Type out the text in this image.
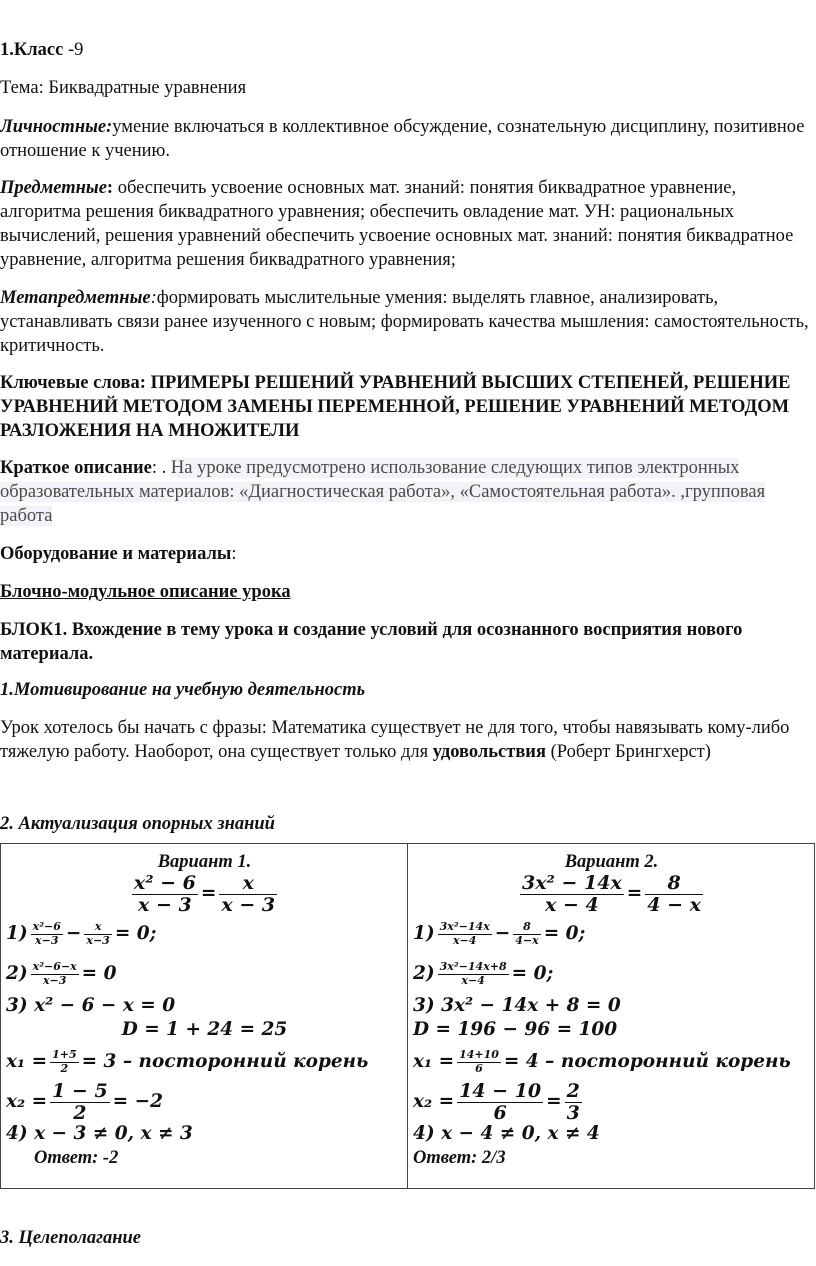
1.Класс -9
Тема: Биквадратные уравнения
Личностные:умение включаться в коллективное обсуждение, сознательную дисциплину, позитивное отношение к учению.
Предметные: обеспечить усвоение основных мат. знаний: понятия биквадратное уравнение, алгоритма решения биквадратного уравнения; обеспечить овладение мат. УН: рациональных вычислений, решения уравнений обеспечить усвоение основных мат. знаний: понятия биквадратное уравнение, алгоритма решения биквадратного уравнения;
Метапредметные:формировать мыслительные умения: выделять главное, анализировать, устанавливать связи ранее изученного с новым; формировать качества мышления: самостоятельность, критичность.
Ключевые слова: ПРИМЕРЫ РЕШЕНИЙ УРАВНЕНИЙ ВЫСШИХ СТЕПЕНЕЙ, РЕШЕНИЕ УРАВНЕНИЙ МЕТОДОМ ЗАМЕНЫ ПЕРЕМЕННОЙ, РЕШЕНИЕ УРАВНЕНИЙ МЕТОДОМ РАЗЛОЖЕНИЯ НА МНОЖИТЕЛИ
Краткое описание: . На уроке предусмотрено использование следующих типов электронных образовательных материалов: «Диагностическая работа», «Самостоятельная работа». ,групповая работа
Оборудование и материалы:
Блочно-модульное описание урока
БЛОК1. Вхождение в тему урока и создание условий для осознанного восприятия нового материала.
1.Мотивирование на учебную деятельность
Урок хотелось бы начать с фразы: Математика существует не для того, чтобы навязывать кому-либо тяжелую работу. Наоборот, она существует только для удовольствия (Роберт Брингхерст)
2. Актуализация опорных знаний
Вариант 1.
$\frac{\text{x² − 6}}{x - 3} = \frac{x}{x - 3}$
$1) \frac{\text{x²−6}}{x-3} - \frac{x}{x-3} = 0$;
$2) \frac{\text{x²−6−x}}{x-3} = 0$
3) x² − 6 − x = 0
D = 1 + 24 = 25
$x_1 = \frac{1+5}{2} = 3$ – посторонний корень
$x_2 = \frac{1 - 5}{2} = -2$
4) x − 3 ≠ 0, x ≠ 3
Ответ: -2

Вариант 2.
$\frac{\text{3x² − 14x}}{x - 4} = \frac{8}{4 - x}$
$1) \frac{\text{3x²−14x}}{x-4} - \frac{8}{4-x} = 0$;
$2) \frac{\text{3x²−14x+8}}{x-4} = 0$;
3) 3x² − 14x + 8 = 0
D = 196 − 96 = 100
$x_1 = \frac{14+10}{6} = 4$ – посторонний корень
$x_2 = \frac{14 - 10}{6} = \frac{2}{3}$
4) x − 4 ≠ 0, x ≠ 4
Ответ: 2/3
3. Целеполагание
